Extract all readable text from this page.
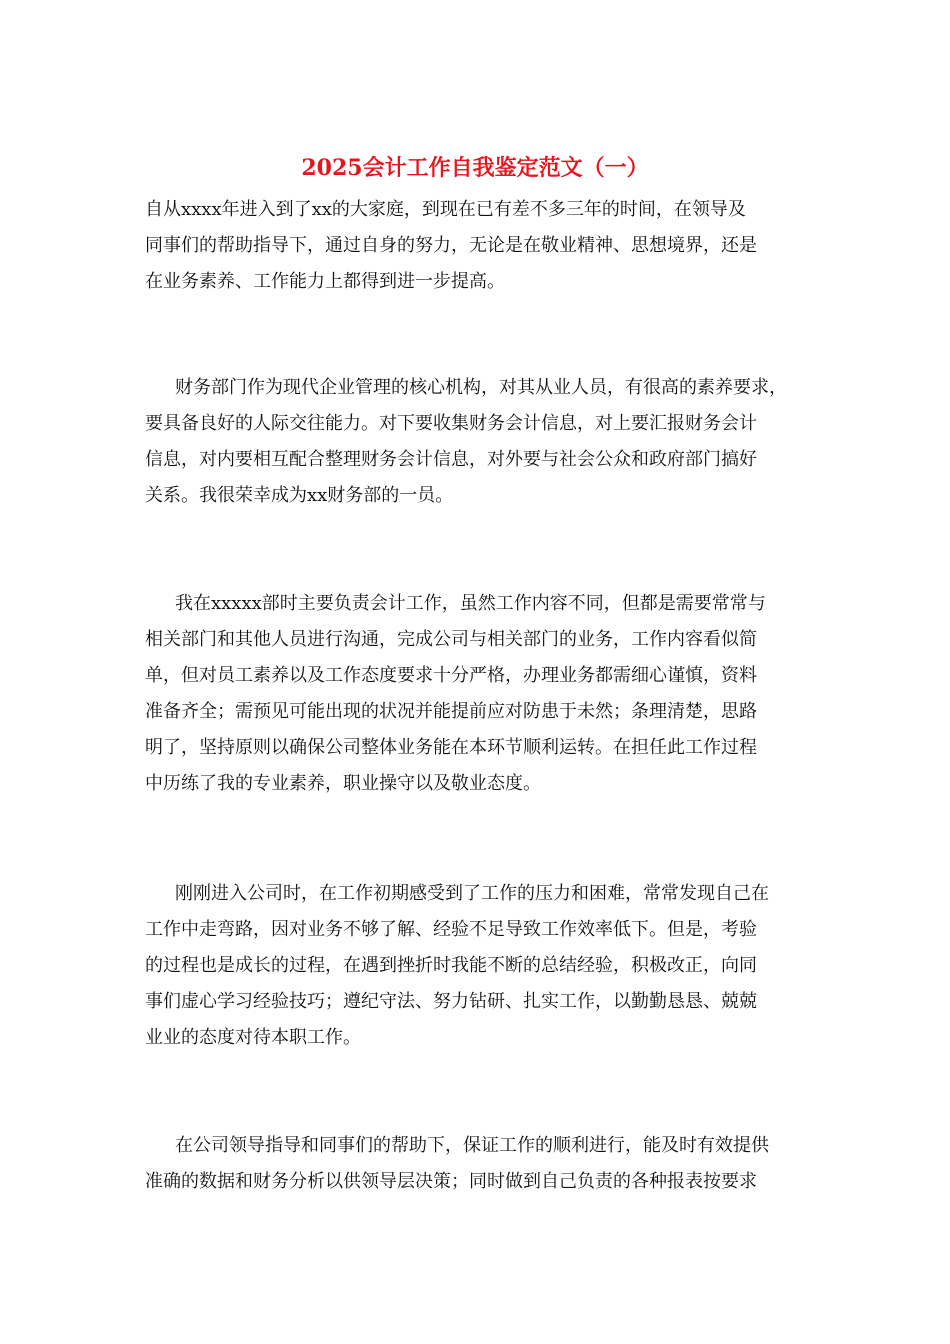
2025会计工作自我鉴定范文（一）
自从xxxx年进入到了xx的大家庭，到现在已有差不多三年的时间，在领导及
同事们的帮助指导下，通过自身的努力，无论是在敬业精神、思想境界，还是
在业务素养、工作能力上都得到进一步提高。
财务部门作为现代企业管理的核心机构，对其从业人员，有很高的素养要求，
要具备良好的人际交往能力。对下要收集财务会计信息，对上要汇报财务会计
信息，对内要相互配合整理财务会计信息，对外要与社会公众和政府部门搞好
关系。我很荣幸成为xx财务部的一员。
我在xxxxx部时主要负责会计工作，虽然工作内容不同，但都是需要常常与
相关部门和其他人员进行沟通，完成公司与相关部门的业务，工作内容看似简
单，但对员工素养以及工作态度要求十分严格，办理业务都需细心谨慎，资料
准备齐全；需预见可能出现的状况并能提前应对防患于未然；条理清楚，思路
明了，坚持原则以确保公司整体业务能在本环节顺利运转。在担任此工作过程
中历练了我的专业素养，职业操守以及敬业态度。
刚刚进入公司时，在工作初期感受到了工作的压力和困难，常常发现自己在
工作中走弯路，因对业务不够了解、经验不足导致工作效率低下。但是，考验
的过程也是成长的过程，在遇到挫折时我能不断的总结经验，积极改正，向同
事们虚心学习经验技巧；遵纪守法、努力钻研、扎实工作，以勤勤恳恳、兢兢
业业的态度对待本职工作。
在公司领导指导和同事们的帮助下，保证工作的顺利进行，能及时有效提供
准确的数据和财务分析以供领导层决策；同时做到自己负责的各种报表按要求
